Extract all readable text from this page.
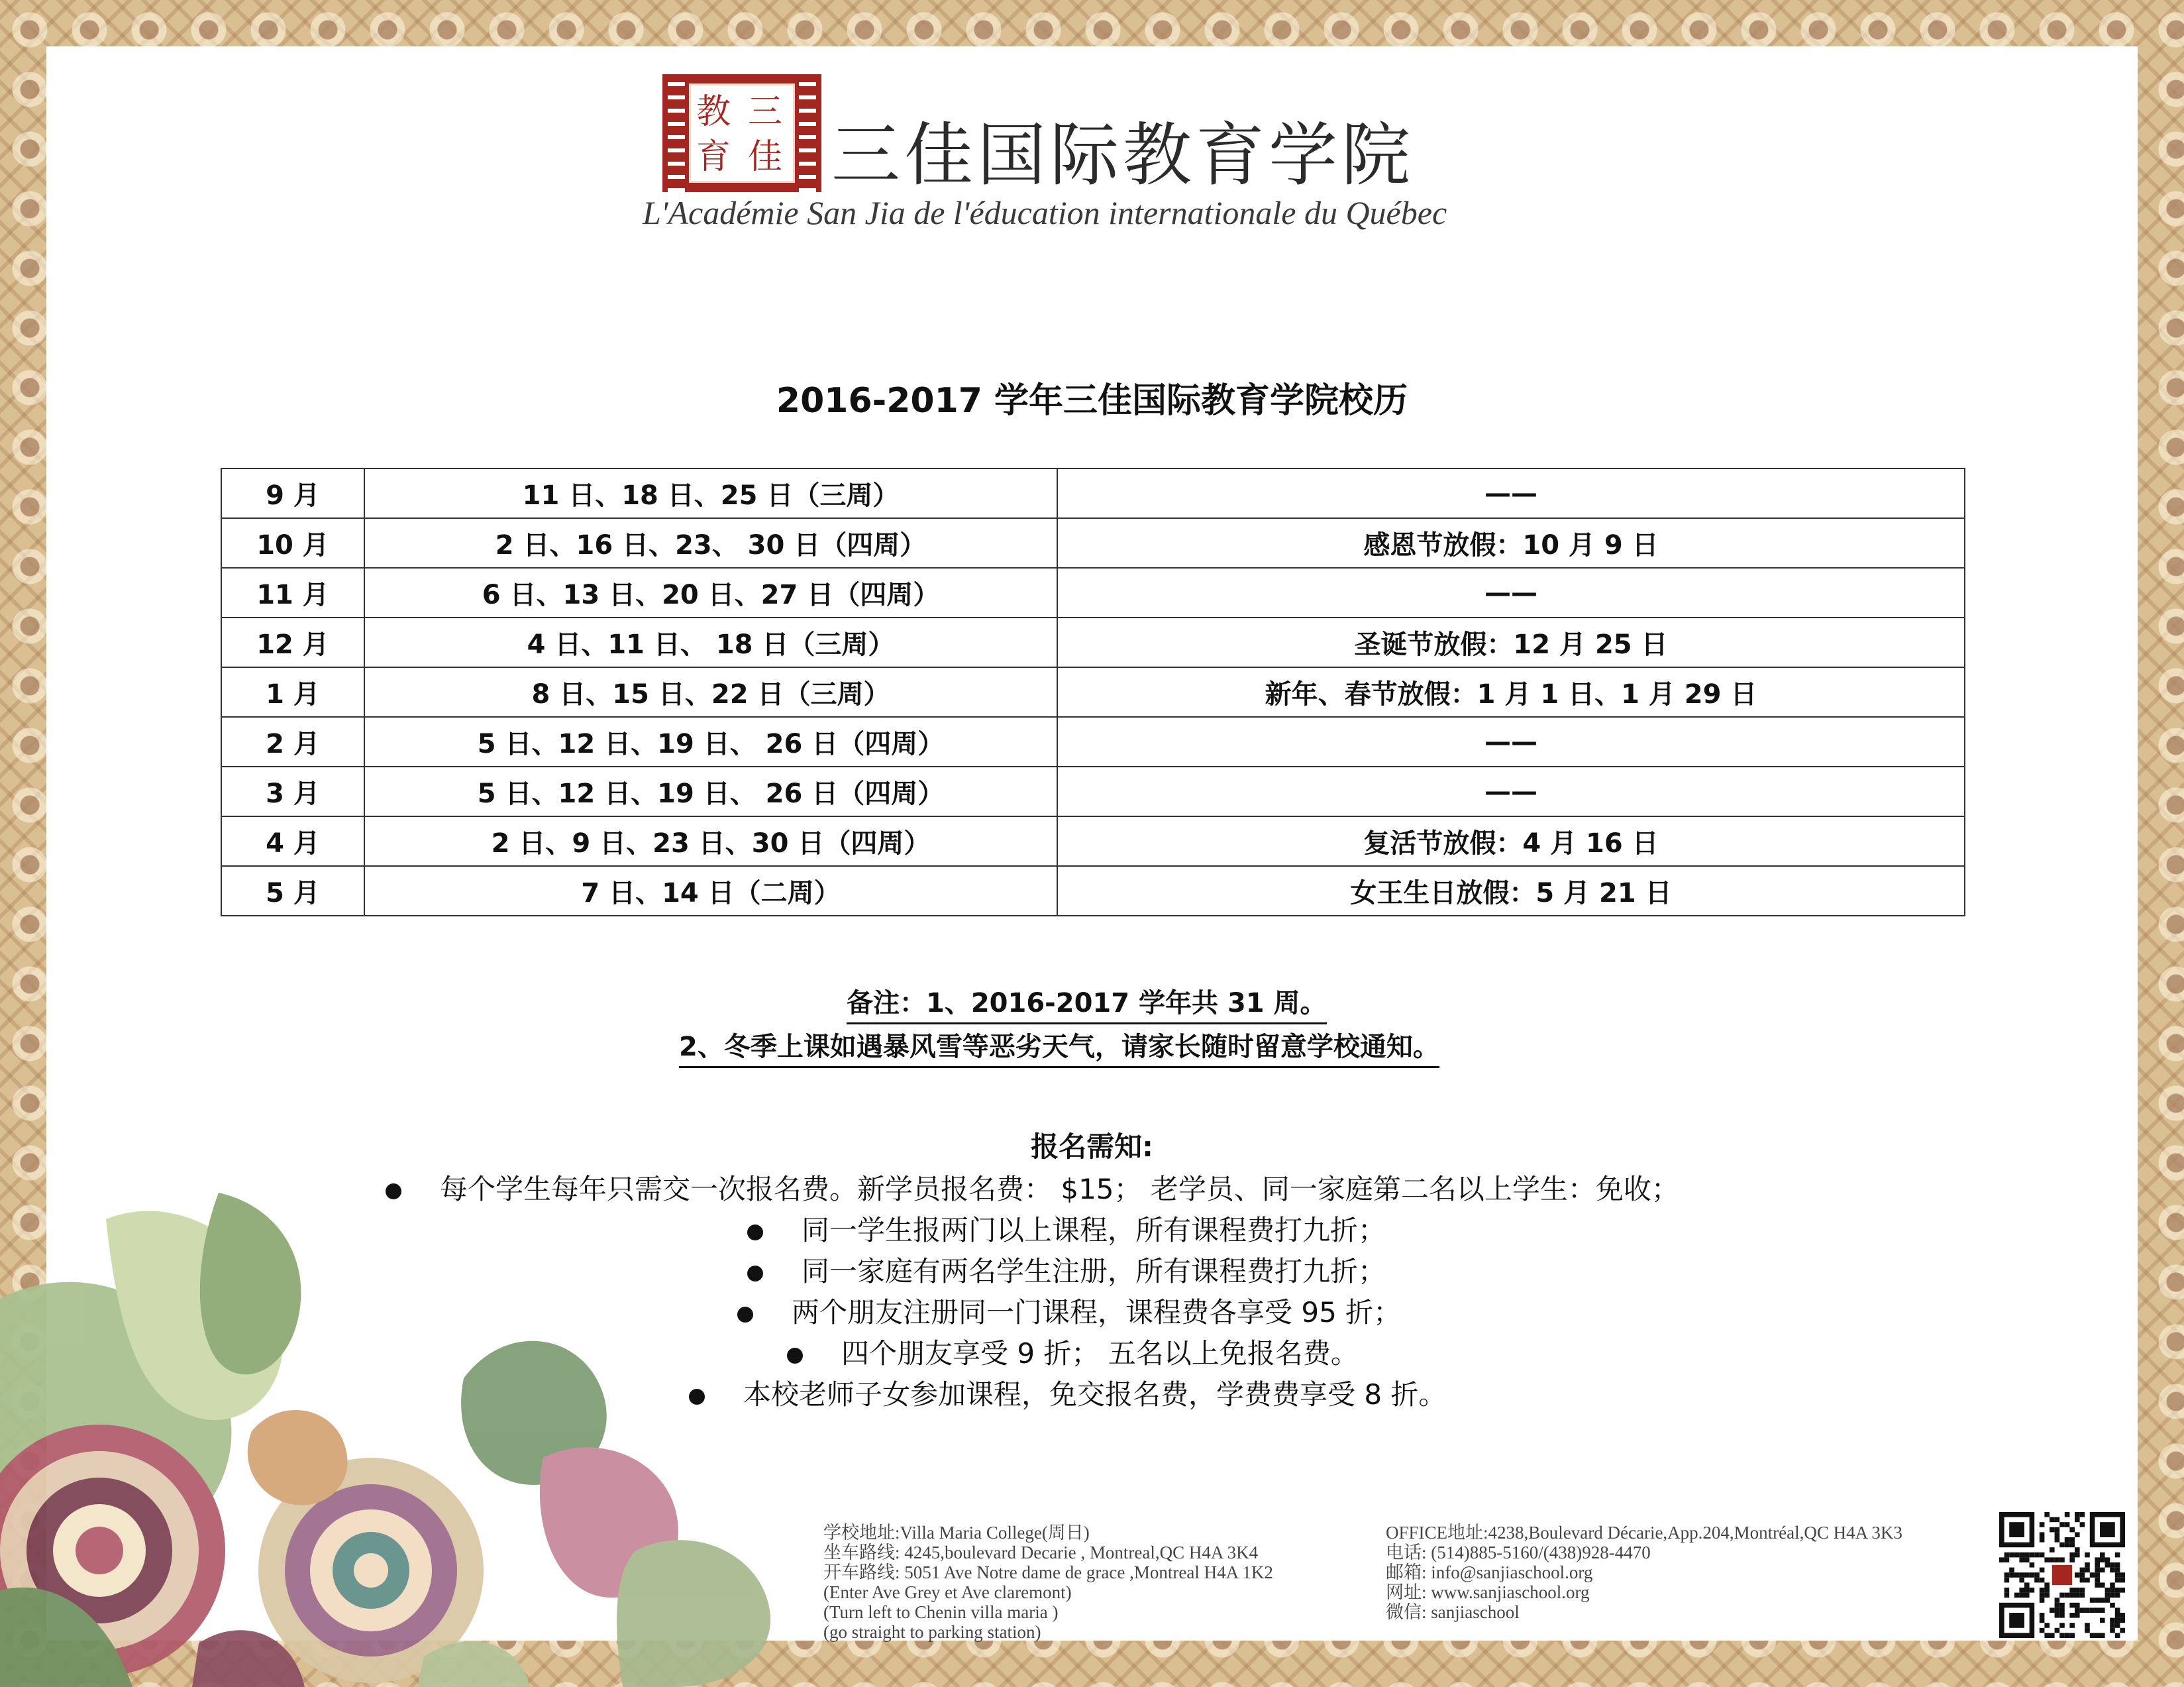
教 三
育 佳 三佳国际教育学院
L'Académie San Jia de l'éducation internationale du Québec
2016-2017 学年三佳国际教育学院校历
9 月	11 日、18 日、25 日（三周）	——
10 月	2 日、16 日、23、 30 日（四周）	感恩节放假：10 月 9 日
11 月	6 日、13 日、20 日、27 日（四周）	——
12 月	4 日、11 日、 18 日（三周）	圣诞节放假：12 月 25 日
1 月	8 日、15 日、22 日（三周）	新年、春节放假：1 月 1 日、1 月 29 日
2 月	5 日、12 日、19 日、 26 日（四周）	——
3 月	5 日、12 日、19 日、 26 日（四周）	——
4 月	2 日、9 日、23 日、30 日（四周）	复活节放假：4 月 16 日
5 月	7 日、14 日（二周）	女王生日放假：5 月 21 日
备注：1、2016-2017 学年共 31 周。
2、冬季上课如遇暴风雪等恶劣天气，请家长随时留意学校通知。
报名需知:
每个学生每年只需交一次报名费。新学员报名费： $15； 老学员、同一家庭第二名以上学生：免收；
同一学生报两门以上课程，所有课程费打九折；
同一家庭有两名学生注册，所有课程费打九折；
两个朋友注册同一门课程，课程费各享受 95 折；
四个朋友享受 9 折； 五名以上免报名费。
本校老师子女参加课程，免交报名费，学费费享受 8 折。
学校地址:Villa Maria College(周日)
坐车路线: 4245,boulevard Decarie , Montreal,QC H4A 3K4
开车路线: 5051 Ave Notre dame de grace ,Montreal H4A 1K2
(Enter Ave Grey et Ave claremont)
(Turn left to Chenin villa maria )
(go straight to parking station)
OFFICE地址:4238,Boulevard Décarie,App.204,Montréal,QC H4A 3K3
电话: (514)885-5160/(438)928-4470
邮箱: info@sanjiaschool.org
网址: www.sanjiaschool.org
微信: sanjiaschool
